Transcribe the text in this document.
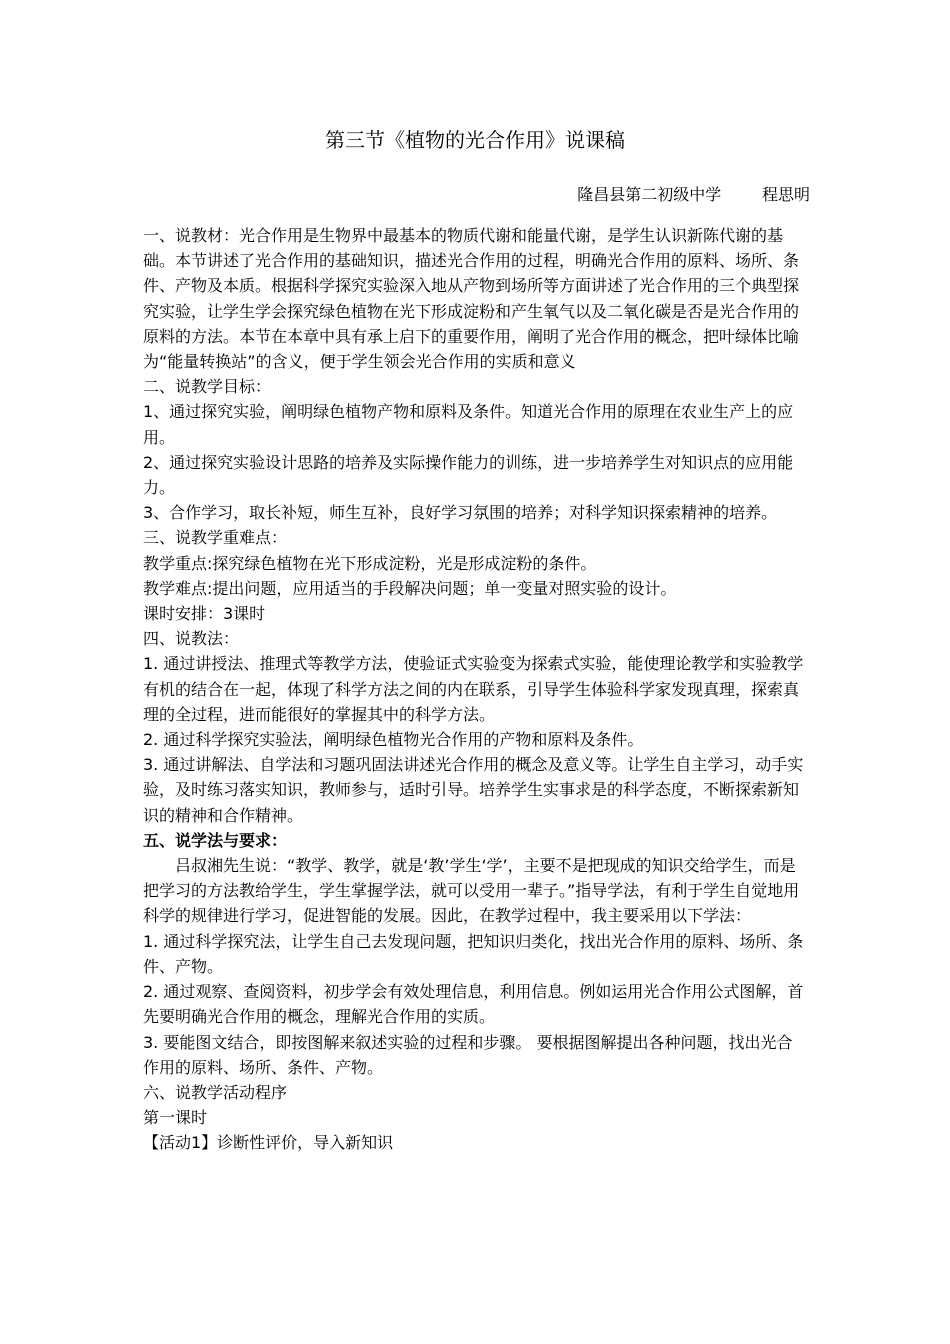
第三节《植物的光合作用》说课稿
隆昌县第二初级中学        程思明

一、说教材：光合作用是生物界中最基本的物质代谢和能量代谢，是学生认识新陈代谢的基础。本节讲述了光合作用的基础知识，描述光合作用的过程，明确光合作用的原料、场所、条件、产物及本质。根据科学探究实验深入地从产物到场所等方面讲述了光合作用的三个典型探究实验，让学生学会探究绿色植物在光下形成淀粉和产生氧气以及二氧化碳是否是光合作用的原料的方法。本节在本章中具有承上启下的重要作用，阐明了光合作用的概念，把叶绿体比喻为“能量转换站”的含义，便于学生领会光合作用的实质和意义

二、说教学目标：

1、通过探究实验，阐明绿色植物产物和原料及条件。知道光合作用的原理在农业生产上的应用。

2、通过探究实验设计思路的培养及实际操作能力的训练，进一步培养学生对知识点的应用能力。

3、合作学习，取长补短，师生互补，良好学习氛围的培养；对科学知识探索精神的培养。

三、说教学重难点：

教学重点:探究绿色植物在光下形成淀粉，光是形成淀粉的条件。

教学难点:提出问题，应用适当的手段解决问题；单一变量对照实验的设计。

课时安排：3课时

四、说教法：

1. 通过讲授法、推理式等教学方法，使验证式实验变为探索式实验，能使理论教学和实验教学有机的结合在一起，体现了科学方法之间的内在联系，引导学生体验科学家发现真理，探索真理的全过程，进而能很好的掌握其中的科学方法。

2. 通过科学探究实验法，阐明绿色植物光合作用的产物和原料及条件。

3. 通过讲解法、自学法和习题巩固法讲述光合作用的概念及意义等。让学生自主学习，动手实验，及时练习落实知识，教师参与，适时引导。培养学生实事求是的科学态度，不断探索新知识的精神和合作精神。

五、说学法与要求：

吕叔湘先生说：“教学、教学，就是‘教’学生‘学’，主要不是把现成的知识交给学生，而是把学习的方法教给学生，学生掌握学法，就可以受用一辈子。”指导学法，有利于学生自觉地用科学的规律进行学习，促进智能的发展。因此，在教学过程中，我主要采用以下学法：

1. 通过科学探究法，让学生自己去发现问题，把知识归类化，找出光合作用的原料、场所、条件、产物。

2. 通过观察、查阅资料，初步学会有效处理信息，利用信息。例如运用光合作用公式图解，首先要明确光合作用的概念，理解光合作用的实质。

3. 要能图文结合，即按图解来叙述实验的过程和步骤。 要根据图解提出各种问题，找出光合作用的原料、场所、条件、产物。

六、说教学活动程序

第一课时

【活动1】诊断性评价，导入新知识
